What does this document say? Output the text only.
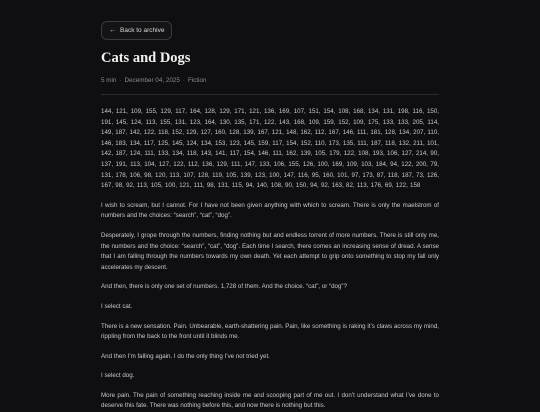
← Back to archive
Cats and Dogs
5 min · December 04, 2025 · Fiction

144, 121, 109, 155, 129, 117, 164, 128, 129, 171, 121, 136, 169, 107, 151, 154, 108, 168, 134, 131, 198, 116, 150, 191, 145, 124, 113, 155, 131, 123, 164, 130, 135, 171, 122, 143, 168, 109, 159, 152, 109, 175, 133, 133, 205, 114, 149, 187, 142, 122, 118, 152, 129, 127, 160, 128, 139, 167, 121, 148, 162, 112, 167, 146, 111, 181, 128, 134, 207, 110, 146, 183, 134, 117, 125, 145, 124, 134, 153, 123, 145, 159, 117, 154, 152, 110, 173, 135, 111, 187, 118, 132, 211, 101, 142, 187, 124, 111, 133, 134, 118, 143, 141, 117, 154, 146, 111, 162, 139, 105, 179, 122, 108, 193, 106, 127, 214, 90, 137, 191, 113, 104, 127, 122, 112, 136, 129, 111, 147, 133, 106, 155, 126, 100, 169, 109, 103, 184, 94, 122, 200, 79, 131, 178, 106, 98, 120, 113, 107, 128, 119, 105, 139, 123, 100, 147, 116, 95, 160, 101, 97, 173, 87, 118, 187, 73, 126, 167, 98, 92, 113, 105, 100, 121, 111, 98, 131, 115, 94, 140, 108, 90, 150, 94, 92, 163, 82, 113, 176, 69, 122, 158

I wish to scream, but I cannot. For I have not been given anything with which to scream. There is only the maelstrom of numbers and the choices: “search”, “cat”, “dog”.

Desperately, I grope through the numbers, finding nothing but and endless torrent of more numbers. There is still only me, the numbers and the choice: “search”, “cat”, “dog”. Each time I search, there comes an increasing sense of dread. A sense that I am falling through the numbers towards my own death. Yet each attempt to grip onto something to stop my fall only accelerates my descent.

And then, there is only one set of numbers. 1,728 of them. And the choice. “cat”, or “dog”?

I select cat.

There is a new sensation. Pain. Unbearable, earth-shattering pain. Pain, like something is raking it’s claws across my mind, rippling from the back to the front until it blinds me.

And then I’m falling again. I do the only thing I’ve not tried yet.

I select dog.

More pain. The pain of something reaching inside me and scooping part of me out. I don’t understand what I’ve done to deserve this fate. There was nothing before this, and now there is nothing but this.
